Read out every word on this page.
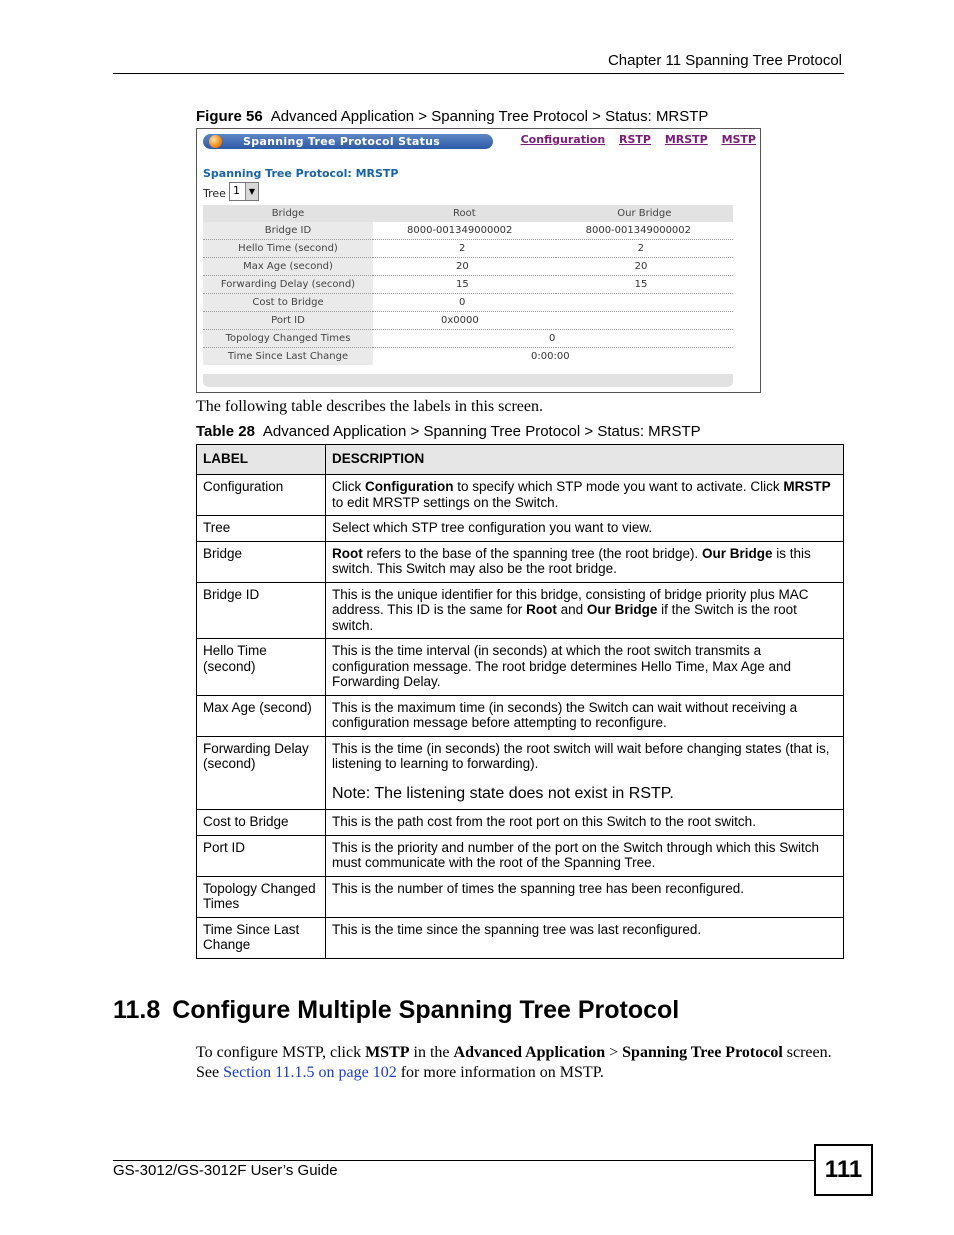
Chapter 11 Spanning Tree Protocol
Figure 56 Advanced Application > Spanning Tree Protocol > Status: MRSTP
Spanning Tree Protocol Status	Configuration RSTP MRSTP MSTP
Spanning Tree Protocol: MRSTP
Tree 1	▼
Bridge	Root	Our Bridge
Bridge ID	8000-001349000002	8000-001349000002
Hello Time (second)	2	2
Max Age (second)	20	20
Forwarding Delay (second)	15	15
Cost to Bridge	0	
Port ID	0x0000	
Topology Changed Times	0	
Time Since Last Change	0:00:00	
The following table describes the labels in this screen.
Table 28 Advanced Application > Spanning Tree Protocol > Status: MRSTP
LABEL	DESCRIPTION
Configuration	Click Configuration to specify which STP mode you want to activate. Click MRSTP to edit MRSTP settings on the Switch.
Tree	Select which STP tree configuration you want to view.
Bridge	Root refers to the base of the spanning tree (the root bridge). Our Bridge is this switch. This Switch may also be the root bridge.
Bridge ID	This is the unique identifier for this bridge, consisting of bridge priority plus MAC address. This ID is the same for Root and Our Bridge if the Switch is the root switch.
Hello Time (second)	This is the time interval (in seconds) at which the root switch transmits a configuration message. The root bridge determines Hello Time, Max Age and Forwarding Delay.
Max Age (second)	This is the maximum time (in seconds) the Switch can wait without receiving a configuration message before attempting to reconfigure.
Forwarding Delay (second)	This is the time (in seconds) the root switch will wait before changing states (that is, listening to learning to forwarding).
Note: The listening state does not exist in RSTP.

Cost to Bridge	This is the path cost from the root port on this Switch to the root switch.
Port ID	This is the priority and number of the port on the Switch through which this Switch must communicate with the root of the Spanning Tree.
Topology Changed Times	This is the number of times the spanning tree has been reconfigured.
Time Since Last Change	This is the time since the spanning tree was last reconfigured.
11.8 Configure Multiple Spanning Tree Protocol
To configure MSTP, click MSTP in the Advanced Application > Spanning Tree Protocol screen. See Section 11.1.5 on page 102 for more information on MSTP.
GS-3012/GS-3012F User’s Guide	111
